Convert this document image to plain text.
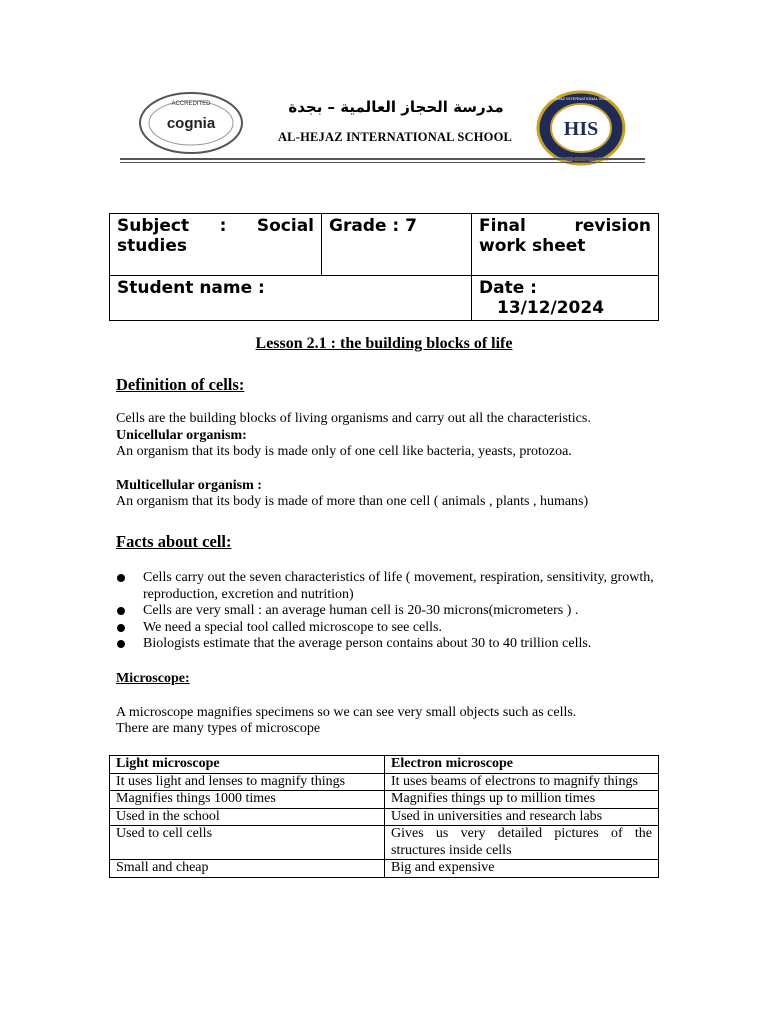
cognia
ACCREDITED	مدرسة الحجاز العالمية – بجدة
AL-HEJAZ INTERNATIONAL SCHOOL	HIS
AL-HEJAZ INTERNATIONAL SCHOOL
FUTURE BEGINS HERE
Subject : Social studies	Grade : 7	Final revision work sheet
Student name :		Date :
13/12/2024
Lesson 2.1 : the building blocks of life
Definition of cells:
Cells are the building blocks of living organisms and carry out all the characteristics.
Unicellular organism:
An organism that its body is made only of one cell like bacteria, yeasts, protozoa.
Multicellular organism :
An organism that its body is made of more than one cell ( animals , plants , humans)
Facts about cell:
Cells carry out the seven characteristics of life ( movement, respiration, sensitivity, growth, reproduction, excretion and nutrition)
Cells are very small : an average human cell is 20-30 microns(micrometers ) .
We need a special tool called microscope to see cells.
Biologists estimate that the average person contains about 30 to 40 trillion cells.
Microscope:
A microscope magnifies specimens so we can see very small objects such as cells.
There are many types of microscope
Light microscope	Electron microscope
It uses light and lenses to magnify things	It uses beams of electrons to magnify things
Magnifies things 1000 times	Magnifies things up to million times
Used in the school	Used in universities and research labs
Used to cell cells	Gives us very detailed pictures of the structures inside cells
Small and cheap	Big and expensive
